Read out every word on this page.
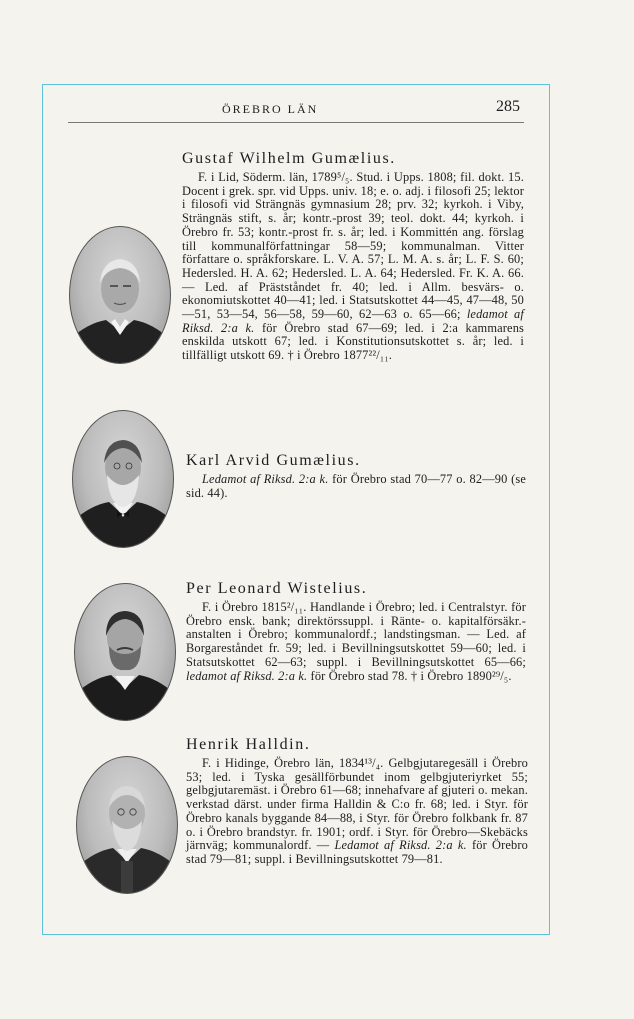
ÖREBRO LÄN	285
Gustaf Wilhelm Gumælius.
F. i Lid, Söderm. län, 1789⁵/₅. Stud. i Upps. 1808; fil. dokt. 15. Docent i grek. spr. vid Upps. univ. 18; e. o. adj. i filosofi 25; lektor i filosofi vid Strängnäs gymnasium 28; prv. 32; kyrkoh. i Viby, Strängnäs stift, s. år; kontr.-prost 39; teol. dokt. 44; kyrkoh. i Örebro fr. 53; kontr.-prost fr. s. år; led. i Kommittén ang. förslag till kommunalförfattningar 58—59; kommunalman. Vitter författare o. språkforskare. L. V. A. 57; L. M. A. s. år; L. F. S. 60; Hedersled. H. A. 62; Hedersled. L. A. 64; Hedersled. Fr. K. A. 66. — Led. af Prästståndet fr. 40; led. i Allm. besvärs- o. ekonomiutskottet 40—41; led. i Statsutskottet 44—45, 47—48, 50—51, 53—54, 56—58, 59—60, 62—63 o. 65—66; ledamot af Riksd. 2:a k. för Örebro stad 67—69; led. i 2:a kammarens enskilda utskott 67; led. i Konstitutionsutskottet s. år; led. i tillfälligt utskott 69. † i Örebro 1877²²/₁₁.
Karl Arvid Gumælius.
Ledamot af Riksd. 2:a k. för Örebro stad 70—77 o. 82—90 (se sid. 44).
Per Leonard Wistelius.
F. i Örebro 1815²/₁₁. Handlande i Örebro; led. i Centralstyr. för Örebro ensk. bank; direktörssuppl. i Ränte- o. kapitalförsäkr.-anstalten i Örebro; kommunalordf.; landstingsman. — Led. af Borgareståndet fr. 59; led. i Bevillningsutskottet 59—60; led. i Statsutskottet 62—63; suppl. i Bevillningsutskottet 65—66; ledamot af Riksd. 2:a k. för Örebro stad 78. † i Örebro 1890²⁹/₅.
Henrik Halldin.
F. i Hidinge, Örebro län, 1834¹³/₄. Gelbgjutaregesäll i Örebro 53; led. i Tyska gesällförbundet inom gelbgjuteriyrket 55; gelbgjutaremäst. i Örebro 61—68; innehafvare af gjuteri o. mekan. verkstad därst. under firma Halldin & C:o fr. 68; led. i Styr. för Örebro kanals byggande 84—88, i Styr. för Örebro folkbank fr. 87 o. i Örebro brandstyr. fr. 1901; ordf. i Styr. för Örebro—Skebäcks järnväg; kommunalordf. — Ledamot af Riksd. 2:a k. för Örebro stad 79—81; suppl. i Bevillningsutskottet 79—81.
